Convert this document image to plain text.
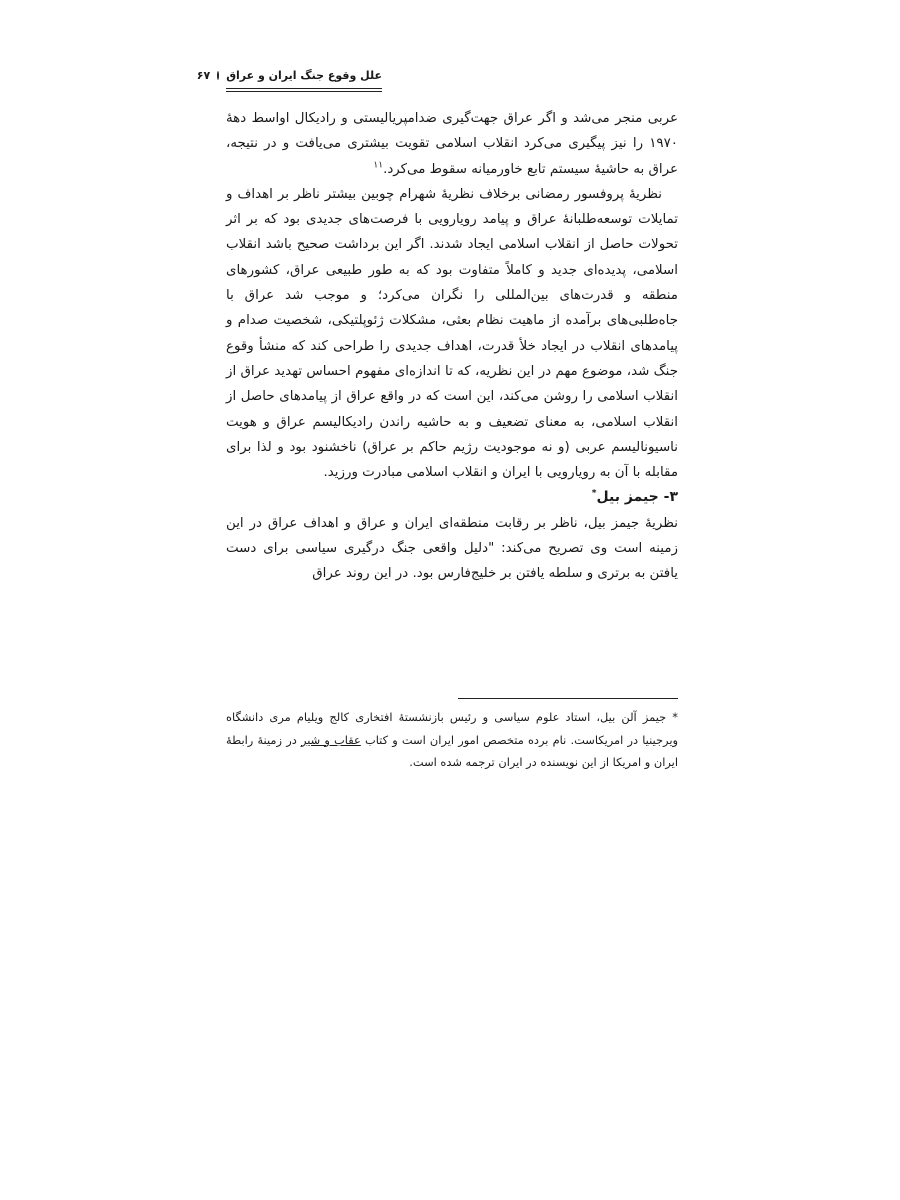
علل وقوع جنگ ایران و عراق
۶۷

عربی منجر می‌شد و اگر عراق جهت‌گیری ضدامپریالیستی و رادیکال اواسط دهۀ ۱۹۷۰ را نیز پیگیری می‌کرد انقلاب اسلامی تقویت بیشتری می‌یافت و در نتیجه، عراق به حاشیۀ سیستم تابع خاورمیانه سقوط می‌کرد.$^{۱۱}$

نظریۀ پروفسور رمضانی برخلاف نظریۀ شهرام چوبین بیشتر ناظر بر اهداف و تمایلات توسعه‌طلبانۀ عراق و پیامد رویارویی با فرصت‌های جدیدی بود که بر اثر تحولات حاصل از انقلاب اسلامی ایجاد شدند. اگر این برداشت صحیح باشد انقلاب اسلامی، پدیده‌ای جدید و کاملاً متفاوت بود که به طور طبیعی عراق، کشورهای منطقه و قدرت‌های بین‌المللی را نگران می‌کرد؛ و موجب شد عراق با جاه‌طلبی‌های برآمده از ماهیت نظام بعثی، مشکلات ژئوپلتیکی، شخصیت صدام و پیامدهای انقلاب در ایجاد خلأ قدرت، اهداف جدیدی را طراحی کند که منشأ وقوع جنگ شد، موضوع مهم در این نظریه، که تا اندازه‌ای مفهوم احساس تهدید عراق از انقلاب اسلامی را روشن می‌کند، این است که در واقع عراق از پیامدهای حاصل از انقلاب اسلامی، به معنای تضعیف و به حاشیه راندن رادیکالیسم عراق و هویت ناسیونالیسم عربی (و نه موجودیت رژیم حاکم بر عراق) ناخشنود بود و لذا برای مقابله با آن به رویارویی با ایران و انقلاب اسلامی مبادرت ورزید.

۳- جیمز بیل*

نظریۀ جیمز بیل، ناظر بر رقابت منطقه‌ای ایران و عراق و اهداف عراق در این زمینه است وی تصریح می‌کند: "دلیل واقعی جنگ درگیری سیاسی برای دست یافتن به برتری و سلطه یافتن بر خلیج‌فارس بود. در این روند عراق

* جیمز آلن بیل، استاد علوم سیاسی و رئیس بازنشستۀ افتخاری کالج ویلیام مری دانشگاه ویرجینیا در امریکاست. نام برده متخصص امور ایران است و کتاب عقاب و شیر در زمینۀ رابطۀ ایران و امریکا از این نویسنده در ایران ترجمه شده است.
